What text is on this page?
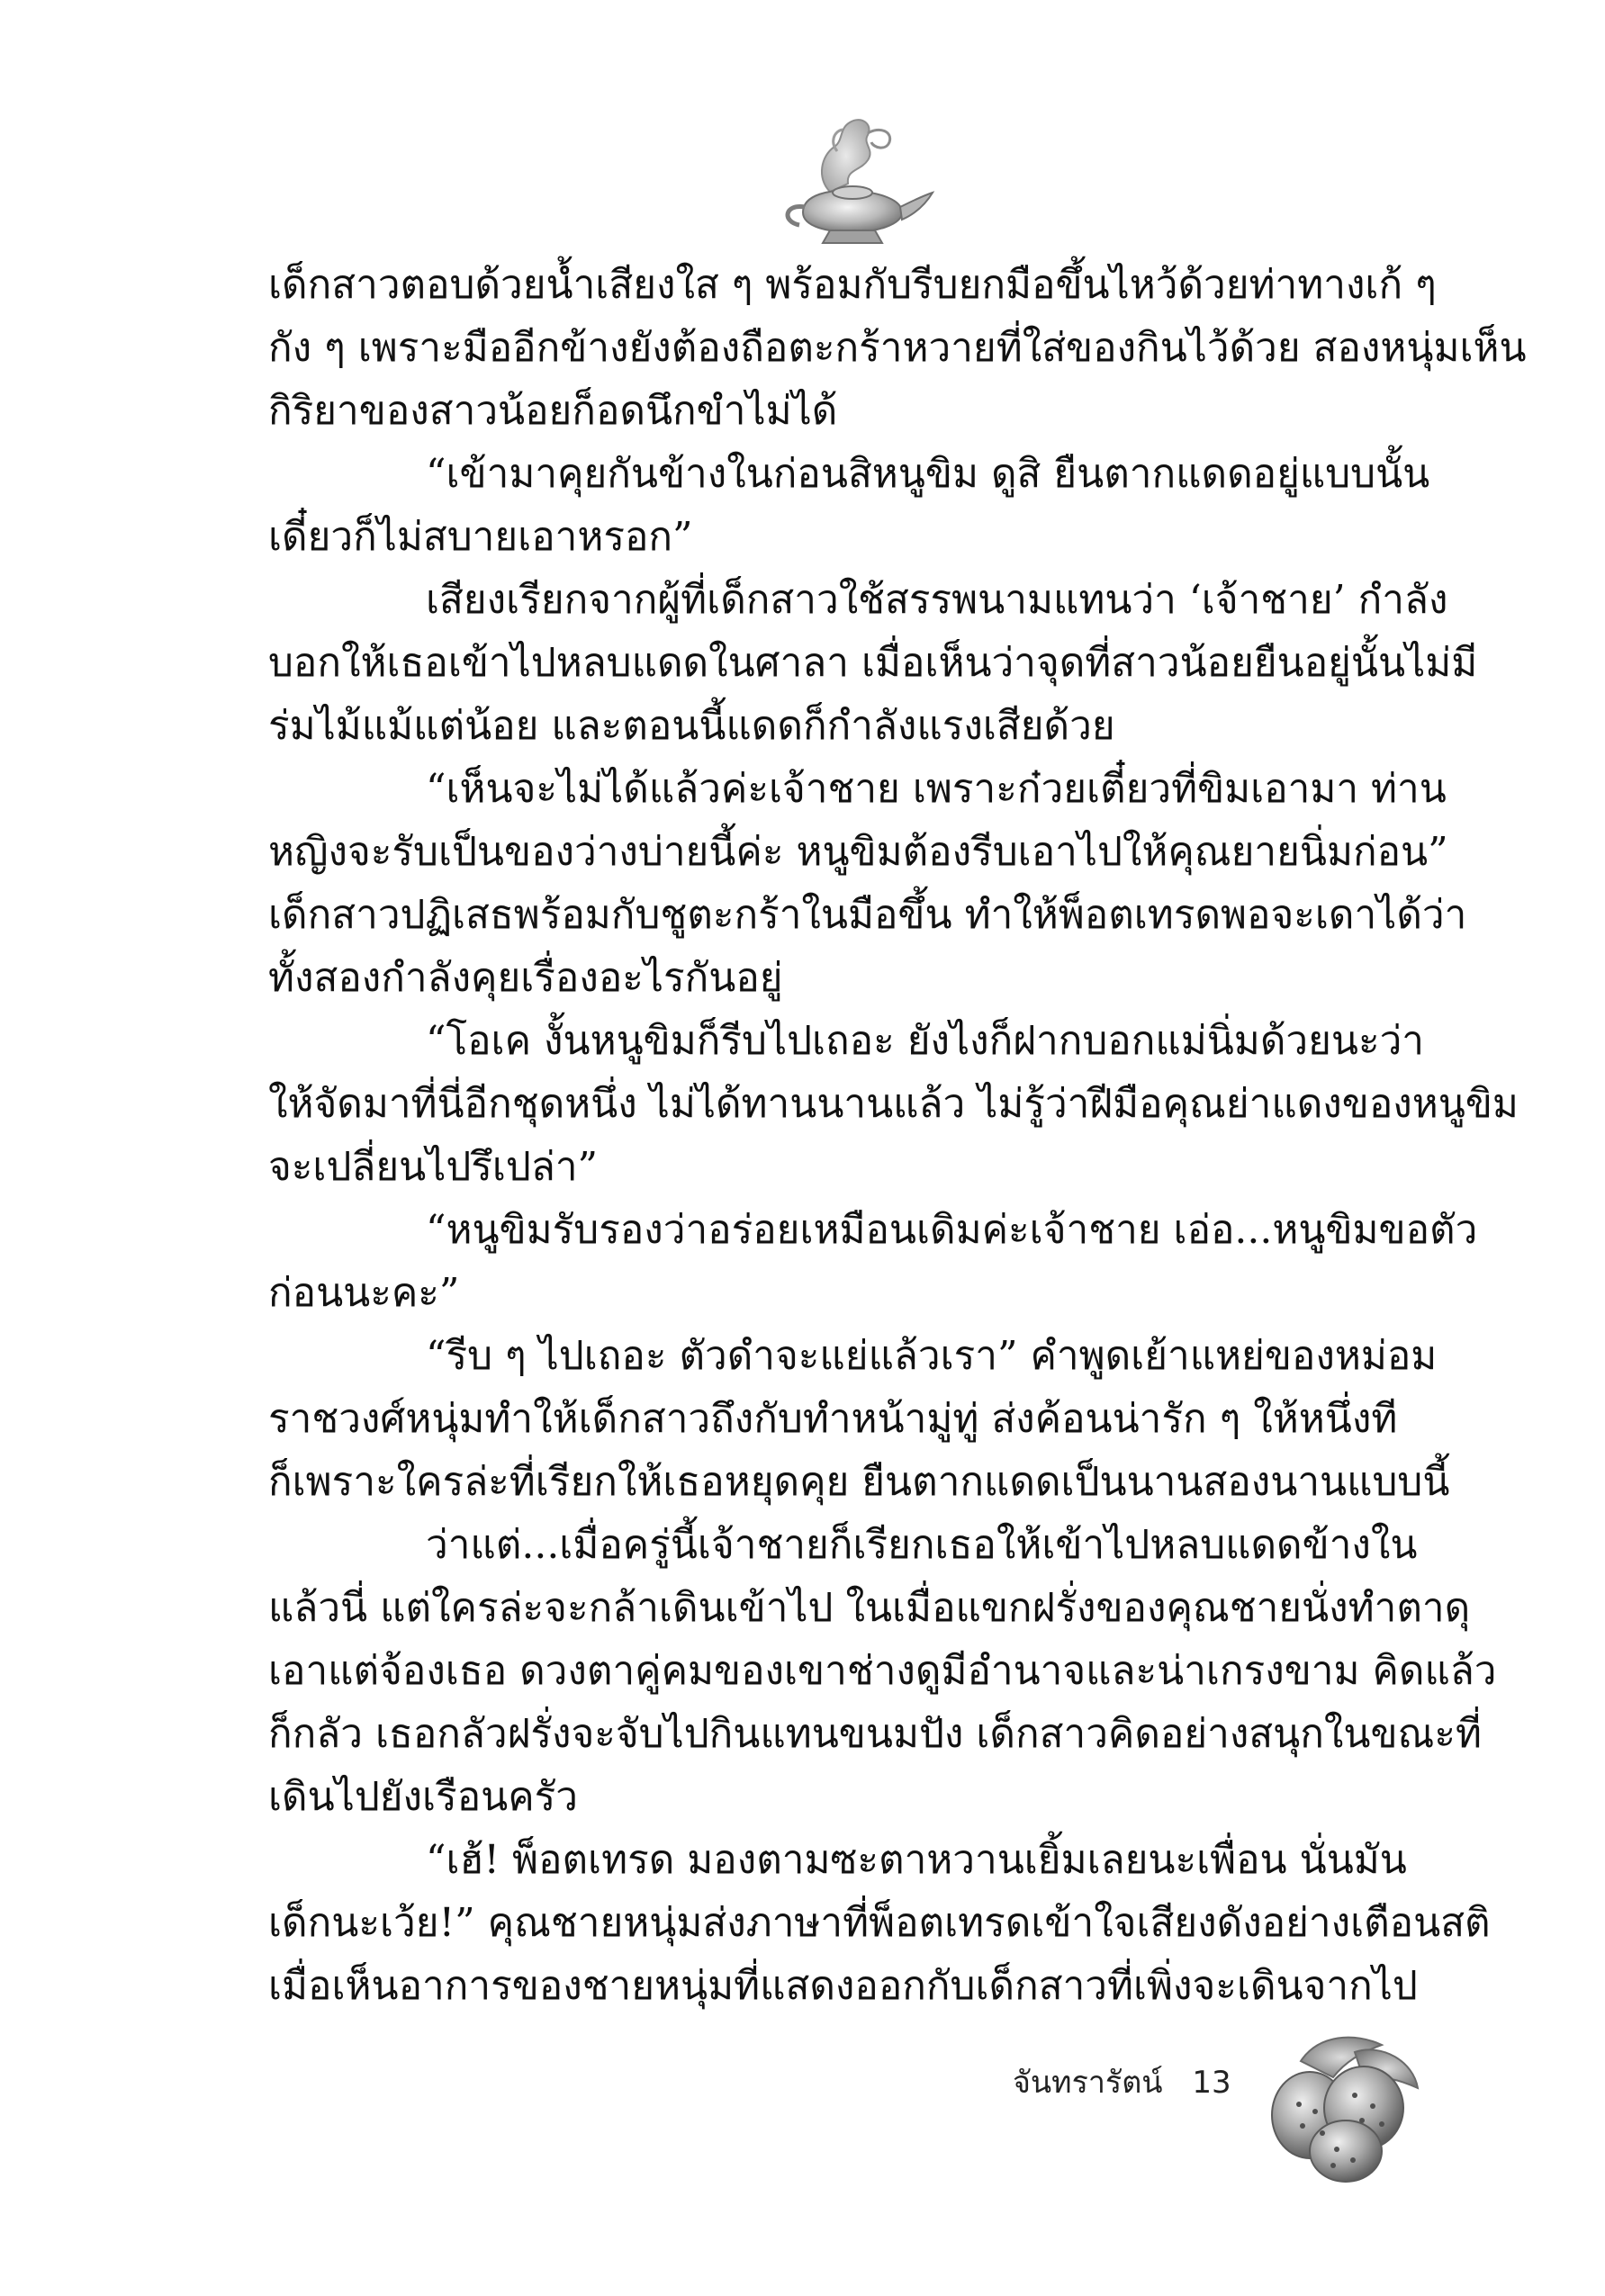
เด็กสาวตอบด้วยน้ำเสียงใส ๆ พร้อมกับรีบยกมือขึ้นไหว้ด้วยท่าทางเก้ ๆ
กัง ๆ เพราะมืออีกข้างยังต้องถือตะกร้าหวายที่ใส่ของกินไว้ด้วย สองหนุ่มเห็น
กิริยาของสาวน้อยก็อดนึกขำไม่ได้
“เข้ามาคุยกันข้างในก่อนสิหนูขิม ดูสิ ยืนตากแดดอยู่แบบนั้น
เดี๋ยวก็ไม่สบายเอาหรอก”
เสียงเรียกจากผู้ที่เด็กสาวใช้สรรพนามแทนว่า ‘เจ้าชาย’ กำลัง
บอกให้เธอเข้าไปหลบแดดในศาลา เมื่อเห็นว่าจุดที่สาวน้อยยืนอยู่นั้นไม่มี
ร่มไม้แม้แต่น้อย และตอนนี้แดดก็กำลังแรงเสียด้วย
“เห็นจะไม่ได้แล้วค่ะเจ้าชาย เพราะก๋วยเตี๋ยวที่ขิมเอามา ท่าน
หญิงจะรับเป็นของว่างบ่ายนี้ค่ะ หนูขิมต้องรีบเอาไปให้คุณยายนิ่มก่อน”
เด็กสาวปฏิเสธพร้อมกับชูตะกร้าในมือขึ้น ทำให้พ็อตเทรดพอจะเดาได้ว่า
ทั้งสองกำลังคุยเรื่องอะไรกันอยู่
“โอเค งั้นหนูขิมก็รีบไปเถอะ ยังไงก็ฝากบอกแม่นิ่มด้วยนะว่า
ให้จัดมาที่นี่อีกชุดหนึ่ง ไม่ได้ทานนานแล้ว ไม่รู้ว่าฝีมือคุณย่าแดงของหนูขิม
จะเปลี่ยนไปรึเปล่า”
“หนูขิมรับรองว่าอร่อยเหมือนเดิมค่ะเจ้าชาย เอ่อ...หนูขิมขอตัว
ก่อนนะคะ”
“รีบ ๆ ไปเถอะ ตัวดำจะแย่แล้วเรา” คำพูดเย้าแหย่ของหม่อม
ราชวงศ์หนุ่มทำให้เด็กสาวถึงกับทำหน้ามู่ทู่ ส่งค้อนน่ารัก ๆ ให้หนึ่งที
ก็เพราะใครล่ะที่เรียกให้เธอหยุดคุย ยืนตากแดดเป็นนานสองนานแบบนี้
ว่าแต่...เมื่อครู่นี้เจ้าชายก็เรียกเธอให้เข้าไปหลบแดดข้างใน
แล้วนี่ แต่ใครล่ะจะกล้าเดินเข้าไป ในเมื่อแขกฝรั่งของคุณชายนั่งทำตาดุ
เอาแต่จ้องเธอ ดวงตาคู่คมของเขาช่างดูมีอำนาจและน่าเกรงขาม คิดแล้ว
ก็กลัว เธอกลัวฝรั่งจะจับไปกินแทนขนมปัง เด็กสาวคิดอย่างสนุกในขณะที่
เดินไปยังเรือนครัว
“เฮ้! พ็อตเทรด มองตามซะตาหวานเยิ้มเลยนะเพื่อน นั่นมัน
เด็กนะเว้ย!” คุณชายหนุ่มส่งภาษาที่พ็อตเทรดเข้าใจเสียงดังอย่างเตือนสติ
เมื่อเห็นอาการของชายหนุ่มที่แสดงออกกับเด็กสาวที่เพิ่งจะเดินจากไป
จันทรารัตน์ 13
